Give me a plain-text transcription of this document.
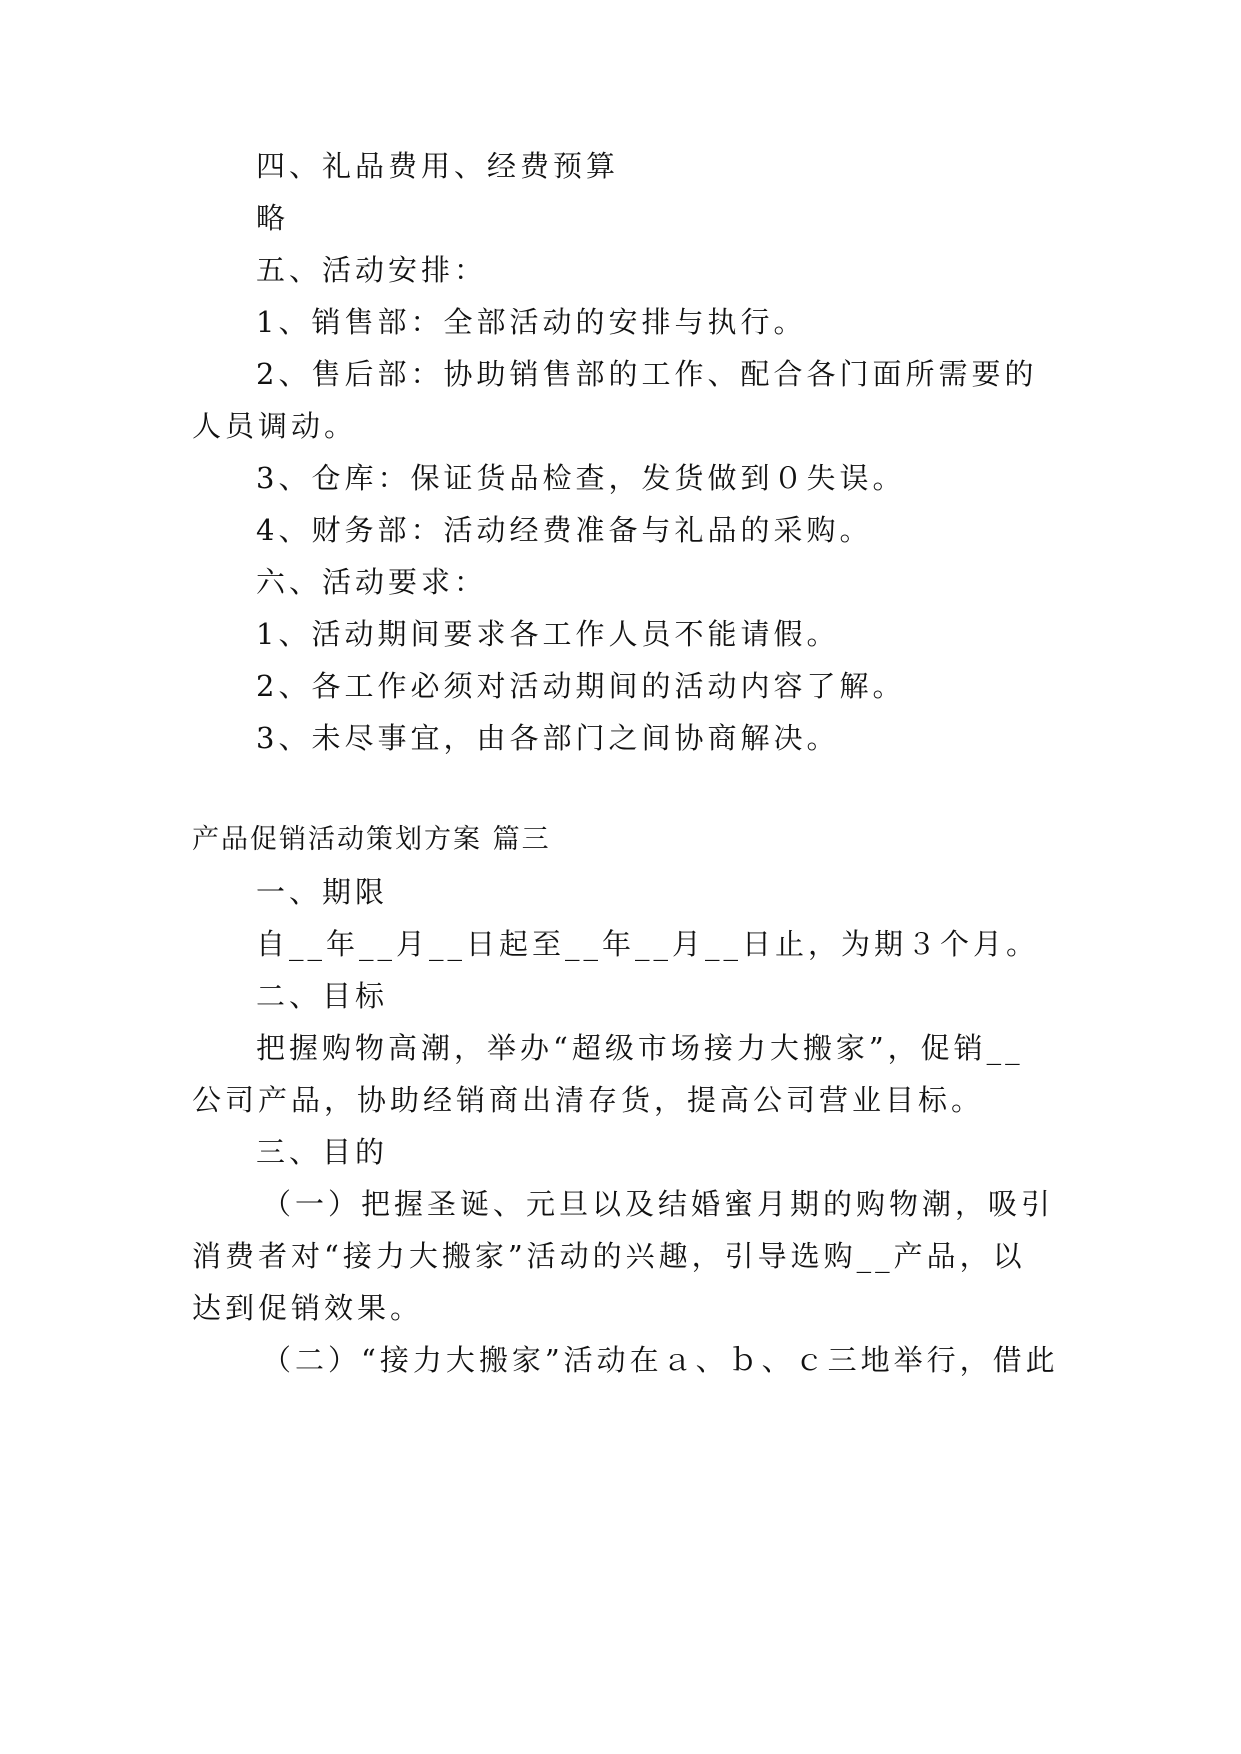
四、礼品费用、经费预算
略
五、活动安排：
1、销售部：全部活动的安排与执行。
2、售后部：协助销售部的工作、配合各门面所需要的
人员调动。
3、仓库：保证货品检查，发货做到０失误。
4、财务部：活动经费准备与礼品的采购。
六、活动要求：
1、活动期间要求各工作人员不能请假。
2、各工作必须对活动期间的活动内容了解。
3、未尽事宜，由各部门之间协商解决。
产品促销活动策划方案 篇三
一、期限
自__年__月__日起至__年__月__日止，为期３个月。
二、目标
把握购物高潮，举办“超级市场接力大搬家”，促销__
公司产品，协助经销商出清存货，提高公司营业目标。
三、目的
（一）把握圣诞、元旦以及结婚蜜月期的购物潮，吸引
消费者对“接力大搬家”活动的兴趣，引导选购__产品，以
达到促销效果。
（二）“接力大搬家”活动在ａ、ｂ、ｃ三地举行，借此
